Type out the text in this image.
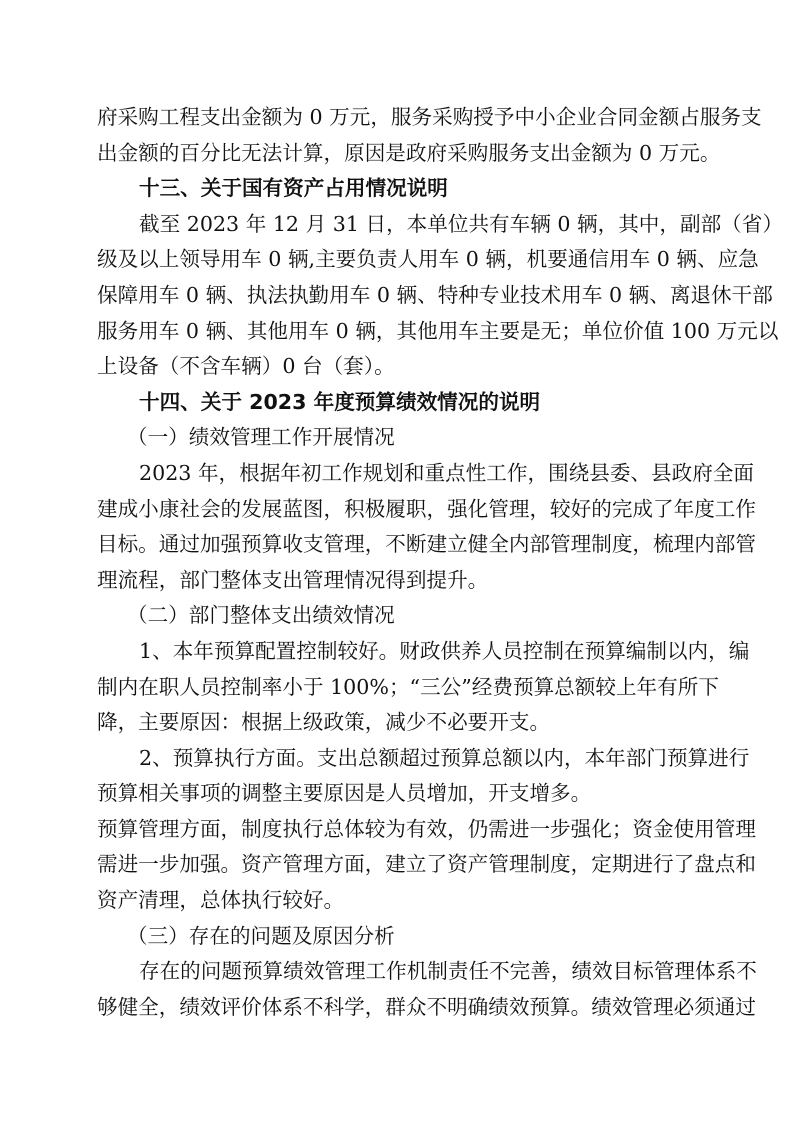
府采购工程支出金额为 0 万元，服务采购授予中小企业合同金额占服务支
出金额的百分比无法计算，原因是政府采购服务支出金额为 0 万元。
十三、关于国有资产占用情况说明
截至 2023 年 12 月 31 日，本单位共有车辆 0 辆，其中，副部（省）
级及以上领导用车 0 辆,主要负责人用车 0 辆，机要通信用车 0 辆、应急
保障用车 0 辆、执法执勤用车 0 辆、特种专业技术用车 0 辆、离退休干部
服务用车 0 辆、其他用车 0 辆，其他用车主要是无；单位价值 100 万元以
上设备（不含车辆）0 台（套）。
十四、关于 2023 年度预算绩效情况的说明
（一）绩效管理工作开展情况
2023 年，根据年初工作规划和重点性工作，围绕县委、县政府全面
建成小康社会的发展蓝图，积极履职，强化管理，较好的完成了年度工作
目标。通过加强预算收支管理，不断建立健全内部管理制度，梳理内部管
理流程，部门整体支出管理情况得到提升。
（二）部门整体支出绩效情况
1、本年预算配置控制较好。财政供养人员控制在预算编制以内，编
制内在职人员控制率小于 100%；“三公”经费预算总额较上年有所下
降，主要原因：根据上级政策，减少不必要开支。
2、预算执行方面。支出总额超过预算总额以内，本年部门预算进行
预算相关事项的调整主要原因是人员增加，开支增多。
预算管理方面，制度执行总体较为有效，仍需进一步强化；资金使用管理
需进一步加强。资产管理方面，建立了资产管理制度，定期进行了盘点和
资产清理，总体执行较好。
（三）存在的问题及原因分析
存在的问题预算绩效管理工作机制责任不完善，绩效目标管理体系不
够健全，绩效评价体系不科学，群众不明确绩效预算。绩效管理必须通过
